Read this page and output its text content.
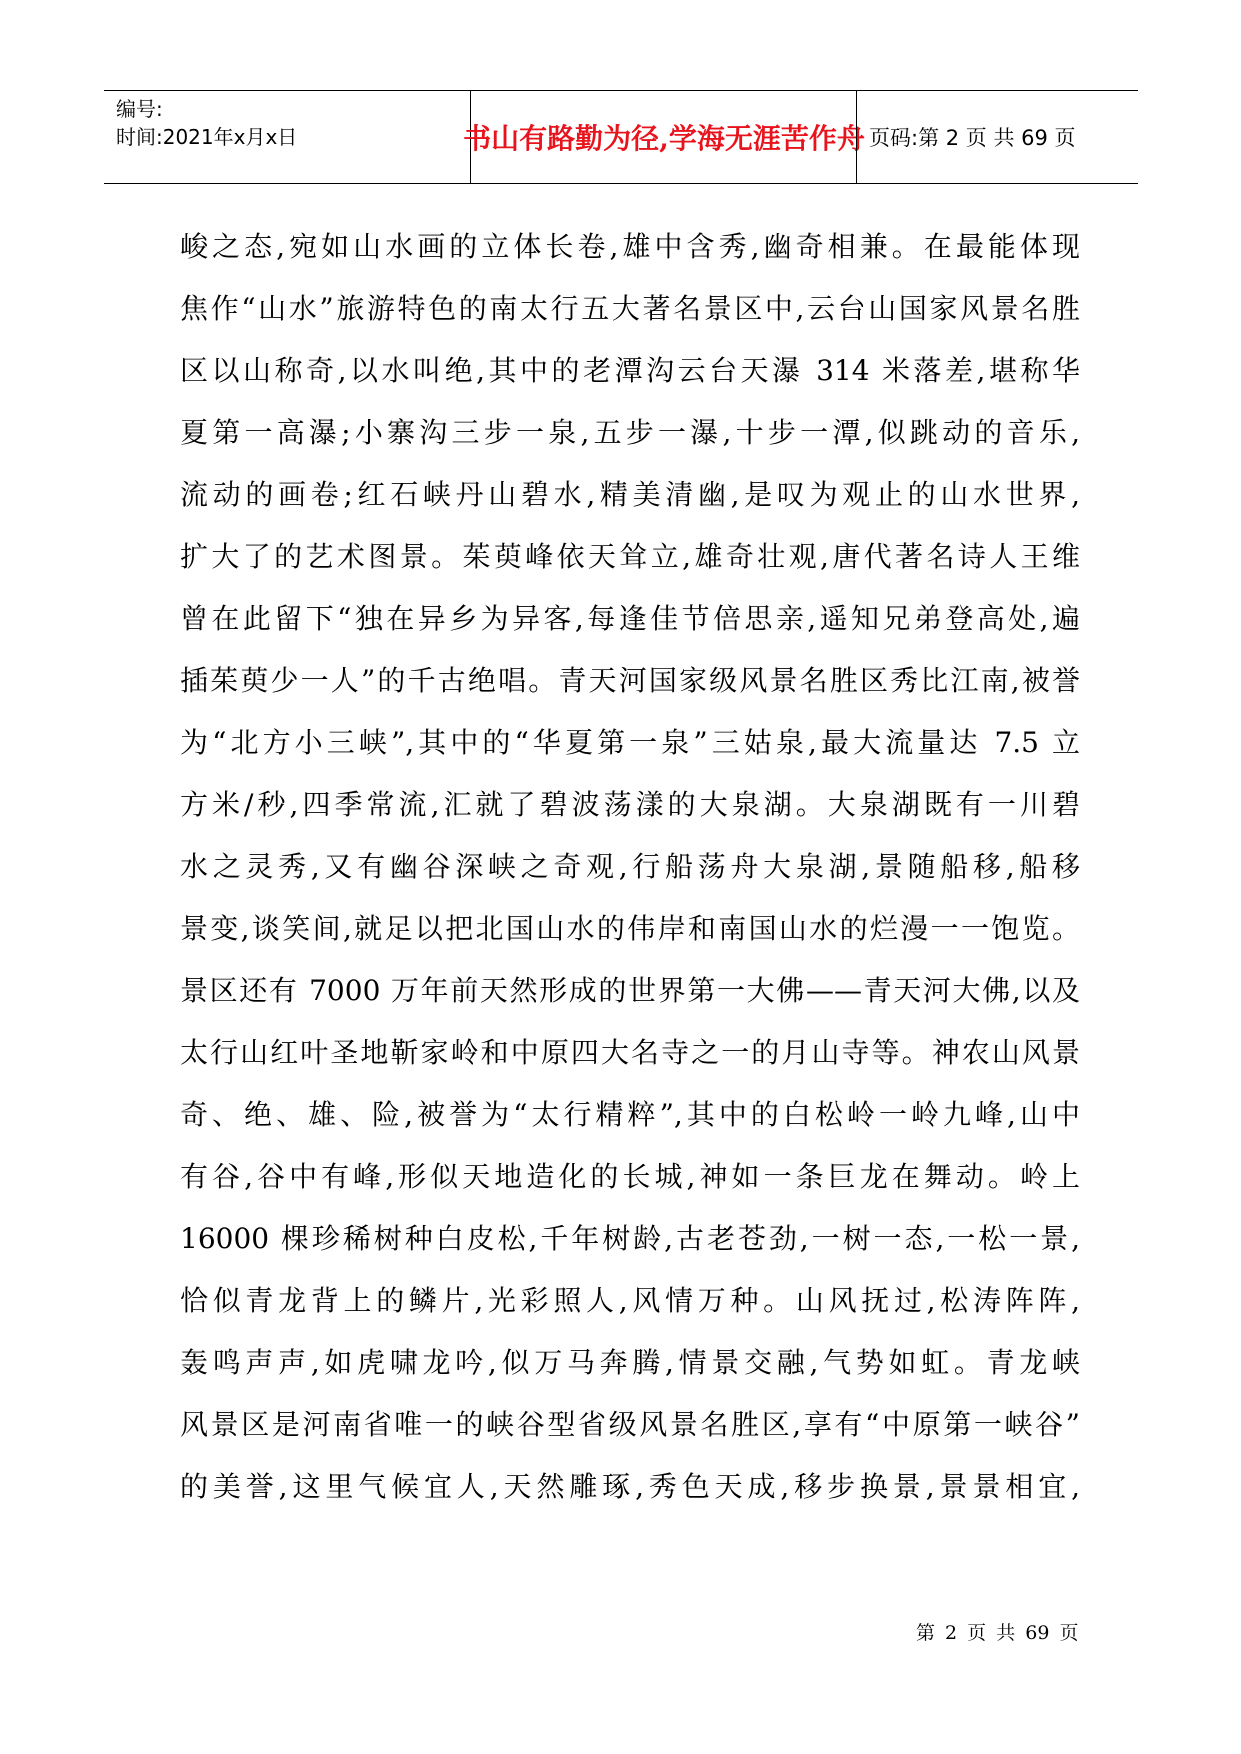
编号:
时间:2021年x月x日	书山有路勤为径,学海无涯苦作舟 页码:第 2 页 共 69 页
峻之态,宛如山水画的立体长卷,雄中含秀,幽奇相兼。在最能体现
焦作“山水”旅游特色的南太行五大著名景区中,云台山国家风景名胜
区以山称奇,以水叫绝,其中的老潭沟云台天瀑 314 米落差,堪称华
夏第一高瀑;小寨沟三步一泉,五步一瀑,十步一潭,似跳动的音乐,
流动的画卷;红石峡丹山碧水,精美清幽,是叹为观止的山水世界,
扩大了的艺术图景。茱萸峰依天耸立,雄奇壮观,唐代著名诗人王维
曾在此留下“独在异乡为异客,每逢佳节倍思亲,遥知兄弟登高处,遍
插茱萸少一人”的千古绝唱。青天河国家级风景名胜区秀比江南,被誉
为“北方小三峡”,其中的“华夏第一泉”三姑泉,最大流量达 7.5 立
方米/秒,四季常流,汇就了碧波荡漾的大泉湖。大泉湖既有一川碧
水之灵秀,又有幽谷深峡之奇观,行船荡舟大泉湖,景随船移,船移
景变,谈笑间,就足以把北国山水的伟岸和南国山水的烂漫一一饱览。
景区还有 7000 万年前天然形成的世界第一大佛——青天河大佛,以及
太行山红叶圣地靳家岭和中原四大名寺之一的月山寺等。神农山风景
奇、绝、雄、险,被誉为“太行精粹”,其中的白松岭一岭九峰,山中
有谷,谷中有峰,形似天地造化的长城,神如一条巨龙在舞动。岭上
16000 棵珍稀树种白皮松,千年树龄,古老苍劲,一树一态,一松一景,
恰似青龙背上的鳞片,光彩照人,风情万种。山风抚过,松涛阵阵,
轰鸣声声,如虎啸龙吟,似万马奔腾,情景交融,气势如虹。青龙峡
风景区是河南省唯一的峡谷型省级风景名胜区,享有“中原第一峡谷”
的美誉,这里气候宜人,天然雕琢,秀色天成,移步换景,景景相宜,
第 2 页 共 69 页
